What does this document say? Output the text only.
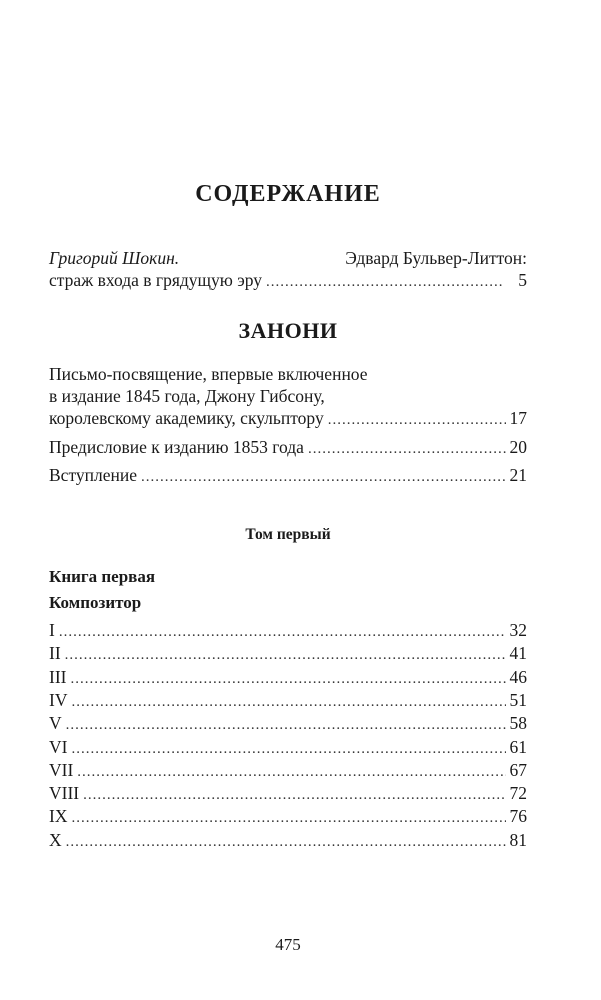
СОДЕРЖАНИЕ
Григорий Шокин.	Эдвард Бульвер-Литтон:
страж входа в грядущую эру .....	5
ЗАНОНИ
Письмо-посвящение, впервые включенное
в издание 1845 года, Джону Гибсону,
королевскому академику, скульптору .....	17
Предисловие к изданию 1853 года .....	20
Вступление .....	21
Том первый
Книга первая
Композитор
I .....	32
II .....	41
III .....	46
IV .....	51
V .....	58
VI .....	61
VII .....	67
VIII .....	72
IX .....	76
X .....	81
475
